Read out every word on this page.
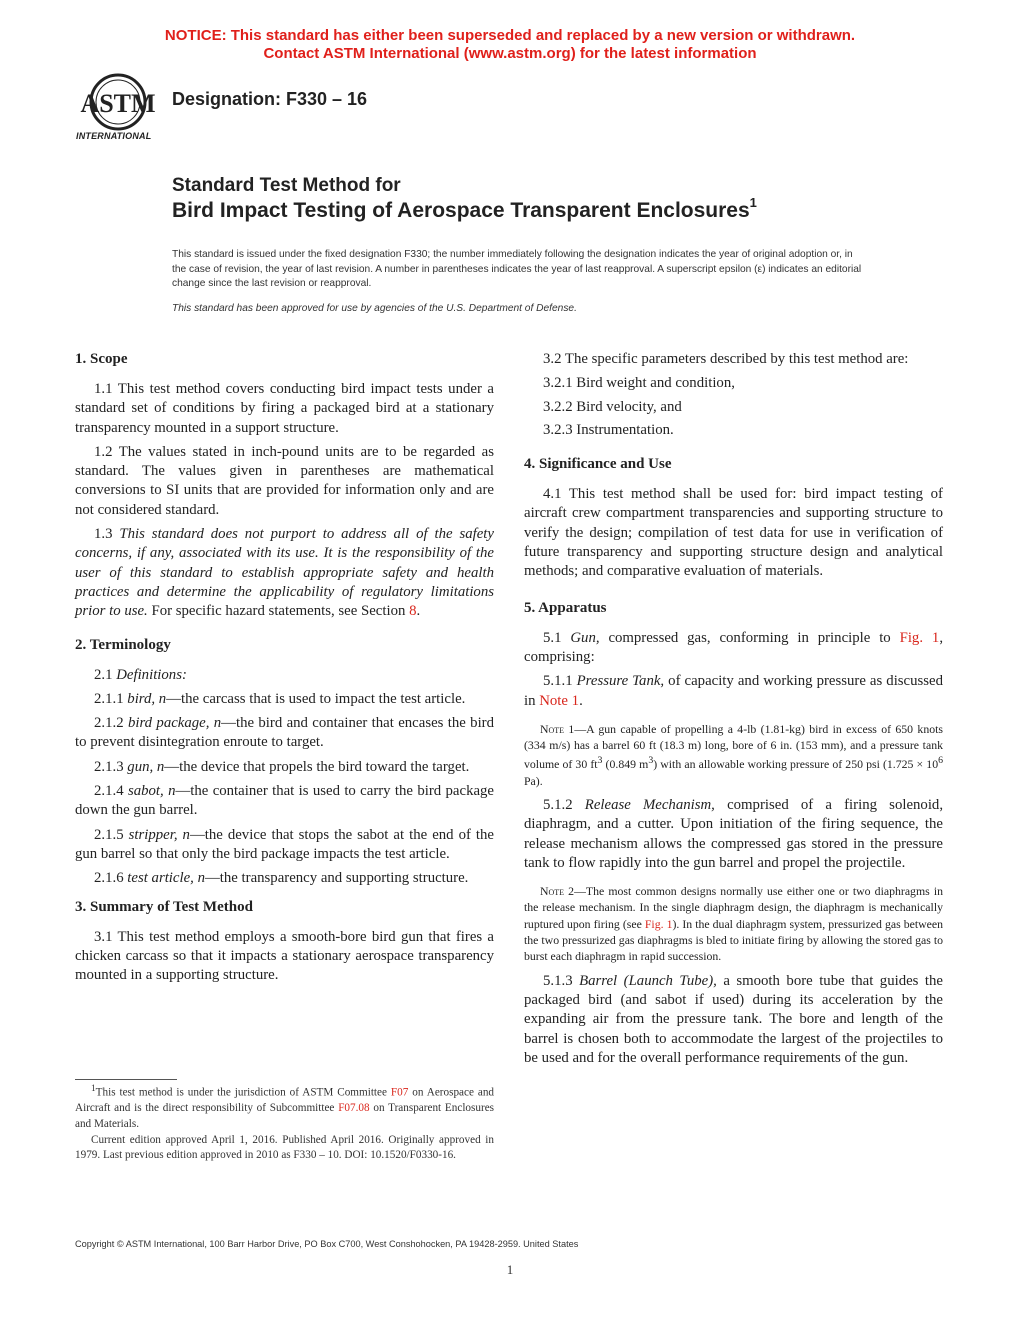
NOTICE: This standard has either been superseded and replaced by a new version or withdrawn.
Contact ASTM International (www.astm.org) for the latest information
ASTM
INTERNATIONAL
Designation: F330 – 16
Standard Test Method for
Bird Impact Testing of Aerospace Transparent Enclosures$^1$
This standard is issued under the fixed designation F330; the number immediately following the designation indicates the year of original adoption or, in the case of revision, the year of last revision. A number in parentheses indicates the year of last reapproval. A superscript epsilon (ε) indicates an editorial change since the last revision or reapproval.
This standard has been approved for use by agencies of the U.S. Department of Defense.
1. Scope

1.1 This test method covers conducting bird impact tests under a standard set of conditions by firing a packaged bird at a stationary transparency mounted in a support structure.

1.2 The values stated in inch-pound units are to be regarded as standard. The values given in parentheses are mathematical conversions to SI units that are provided for information only and are not considered standard.

1.3 This standard does not purport to address all of the safety concerns, if any, associated with its use. It is the responsibility of the user of this standard to establish appropriate safety and health practices and determine the applicability of regulatory limitations prior to use. For specific hazard statements, see Section 8.

2. Terminology

2.1 Definitions:

2.1.1 bird, n—the carcass that is used to impact the test article.

2.1.2 bird package, n—the bird and container that encases the bird to prevent disintegration enroute to target.

2.1.3 gun, n—the device that propels the bird toward the target.

2.1.4 sabot, n—the container that is used to carry the bird package down the gun barrel.

2.1.5 stripper, n—the device that stops the sabot at the end of the gun barrel so that only the bird package impacts the test article.

2.1.6 test article, n—the transparency and supporting structure.

3. Summary of Test Method

3.1 This test method employs a smooth-bore bird gun that fires a chicken carcass so that it impacts a stationary aerospace transparency mounted in a supporting structure.

3.2 The specific parameters described by this test method are:

3.2.1 Bird weight and condition,

3.2.2 Bird velocity, and

3.2.3 Instrumentation.

4. Significance and Use

4.1 This test method shall be used for: bird impact testing of aircraft crew compartment transparencies and supporting structure to verify the design; compilation of test data for use in verification of future transparency and supporting structure design and analytical methods; and comparative evaluation of materials.

5. Apparatus

5.1 Gun, compressed gas, conforming in principle to Fig. 1, comprising:

5.1.1 Pressure Tank, of capacity and working pressure as discussed in Note 1.

Note 1—A gun capable of propelling a 4-lb (1.81-kg) bird in excess of 650 knots (334 m/s) has a barrel 60 ft (18.3 m) long, bore of 6 in. (153 mm), and a pressure tank volume of 30 $ft^3$ (0.849 $m^3$) with an allowable working pressure of 250 psi ($1.725 \times 10^6$ Pa).

5.1.2 Release Mechanism, comprised of a firing solenoid, diaphragm, and a cutter. Upon initiation of the firing sequence, the release mechanism allows the compressed gas stored in the pressure tank to flow rapidly into the gun barrel and propel the projectile.

Note 2—The most common designs normally use either one or two diaphragms in the release mechanism. In the single diaphragm design, the diaphragm is mechanically ruptured upon firing (see Fig. 1). In the dual diaphragm system, pressurized gas between the two pressurized gas diaphragms is bled to initiate firing by allowing the stored gas to burst each diaphragm in rapid succession.

5.1.3 Barrel (Launch Tube), a smooth bore tube that guides the packaged bird (and sabot if used) during its acceleration by the expanding air from the pressure tank. The bore and length of the barrel is chosen both to accommodate the largest of the projectiles to be used and for the overall performance requirements of the gun.

$^1$This test method is under the jurisdiction of ASTM Committee F07 on Aerospace and Aircraft and is the direct responsibility of Subcommittee F07.08 on Transparent Enclosures and Materials.

Current edition approved April 1, 2016. Published April 2016. Originally approved in 1979. Last previous edition approved in 2010 as F330 – 10. DOI: 10.1520/F0330-16.

Copyright © ASTM International, 100 Barr Harbor Drive, PO Box C700, West Conshohocken, PA 19428-2959. United States
1
